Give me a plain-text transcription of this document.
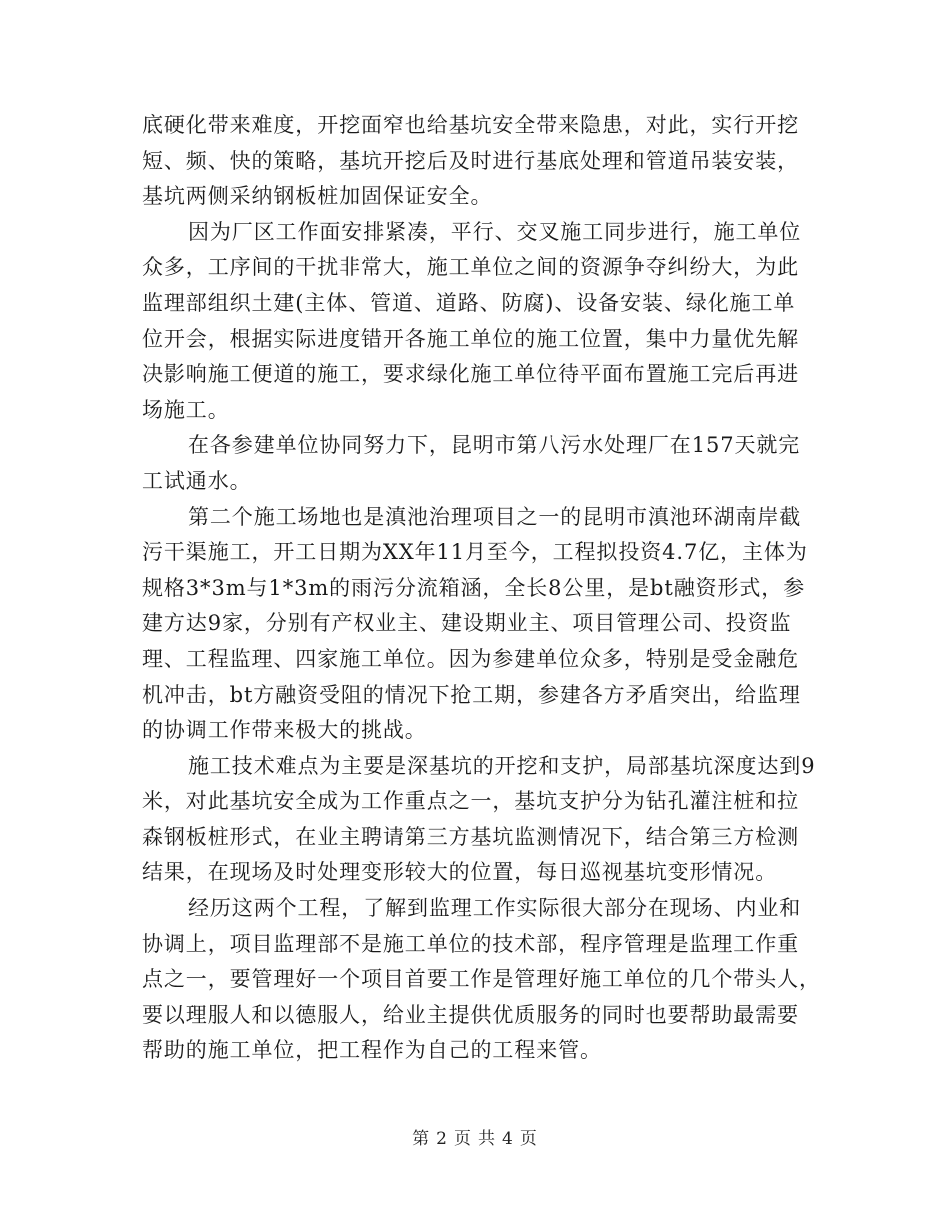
底硬化带来难度，开挖面窄也给基坑安全带来隐患，对此，实行开挖
短、频、快的策略，基坑开挖后及时进行基底处理和管道吊装安装，
基坑两侧采纳钢板桩加固保证安全。
因为厂区工作面安排紧凑，平行、交叉施工同步进行，施工单位
众多，工序间的干扰非常大，施工单位之间的资源争夺纠纷大，为此
监理部组织土建(主体、管道、道路、防腐)、设备安装、绿化施工单
位开会，根据实际进度错开各施工单位的施工位置，集中力量优先解
决影响施工便道的施工，要求绿化施工单位待平面布置施工完后再进
场施工。
在各参建单位协同努力下，昆明市第八污水处理厂在157天就完
工试通水。
第二个施工场地也是滇池治理项目之一的昆明市滇池环湖南岸截
污干渠施工，开工日期为XX年11月至今，工程拟投资4.7亿，主体为
规格3*3m与1*3m的雨污分流箱涵，全长8公里，是bt融资形式，参
建方达9家，分别有产权业主、建设期业主、项目管理公司、投资监
理、工程监理、四家施工单位。因为参建单位众多，特别是受金融危
机冲击，bt方融资受阻的情况下抢工期，参建各方矛盾突出，给监理
的协调工作带来极大的挑战。
施工技术难点为主要是深基坑的开挖和支护，局部基坑深度达到9
米，对此基坑安全成为工作重点之一，基坑支护分为钻孔灌注桩和拉
森钢板桩形式，在业主聘请第三方基坑监测情况下，结合第三方检测
结果，在现场及时处理变形较大的位置，每日巡视基坑变形情况。
经历这两个工程，了解到监理工作实际很大部分在现场、内业和
协调上，项目监理部不是施工单位的技术部，程序管理是监理工作重
点之一，要管理好一个项目首要工作是管理好施工单位的几个带头人，
要以理服人和以德服人，给业主提供优质服务的同时也要帮助最需要
帮助的施工单位，把工程作为自己的工程来管。
第 2 页 共 4 页
